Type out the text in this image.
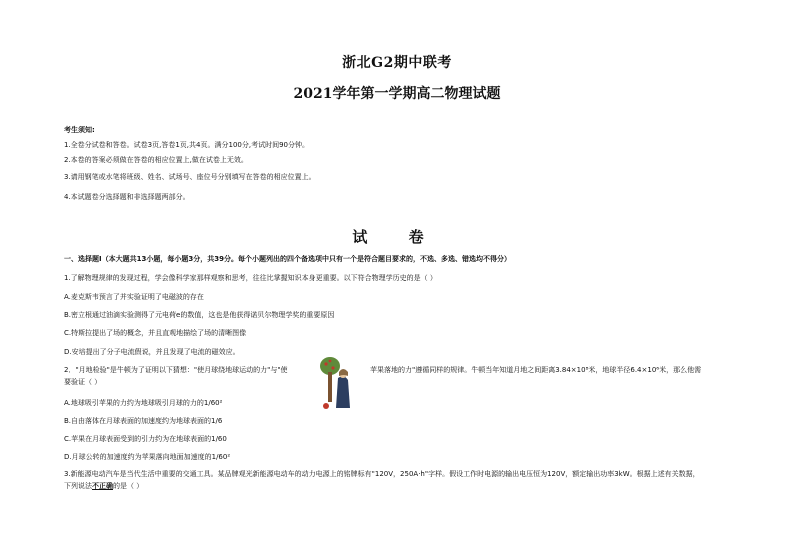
浙北G2期中联考
2021学年第一学期高二物理试题
考生须知:
1.全卷分试卷和答卷。试卷3页,答卷1页,共4页。满分100分,考试时间90分钟。
2.本卷的答案必须做在答卷的相应位置上,做在试卷上无效。
3.请用钢笔或水笔将班级、姓名、试场号、座位号分别填写在答卷的相应位置上。
4.本试题卷分选择题和非选择题两部分。
试 卷
一、选择题Ⅰ（本大题共13小题，每小题3分，共39分。每个小题列出的四个备选项中只有一个是符合题目要求的，不选、多选、错选均不得分）
1.了解物理规律的发现过程，学会像科学家那样观察和思考，往往比掌握知识本身更重要。以下符合物理学历史的是（ ）
A.麦克斯韦预言了并实验证明了电磁波的存在
B.密立根通过油滴实验测得了元电荷e的数值，这也是他获得诺贝尔物理学奖的重要原因
C.特斯拉提出了场的概念，并且直观地描绘了场的清晰图像
D.安培提出了分子电流假说，并且发现了电流的磁效应。
2．"月地检验"是牛顿为了证明以下猜想："使月球绕地球运动的力"与"使	苹果落地的力"遵循同样的规律。牛顿当年知道月地之间距离3.84×10⁸米，地球半径6.4×10⁶米，那么他需
要验证（ ）
A.地球吸引苹果的力约为地球吸引月球的力的1/60²
B.自由落体在月球表面的加速度约为地球表面的1/6
C.苹果在月球表面受到的引力约为在地球表面的1/60
D.月球公转的加速度约为苹果落向地面加速度的1/60²
3.新能源电动汽车是当代生活中重要的交通工具。某品牌观光新能源电动车的动力电源上的铭牌标有"120V，250A·h"字样。假设工作时电源的输出电压恒为120V，额定输出功率3kW。根据上述有关数据，
下列说法不正确的是（ ）
